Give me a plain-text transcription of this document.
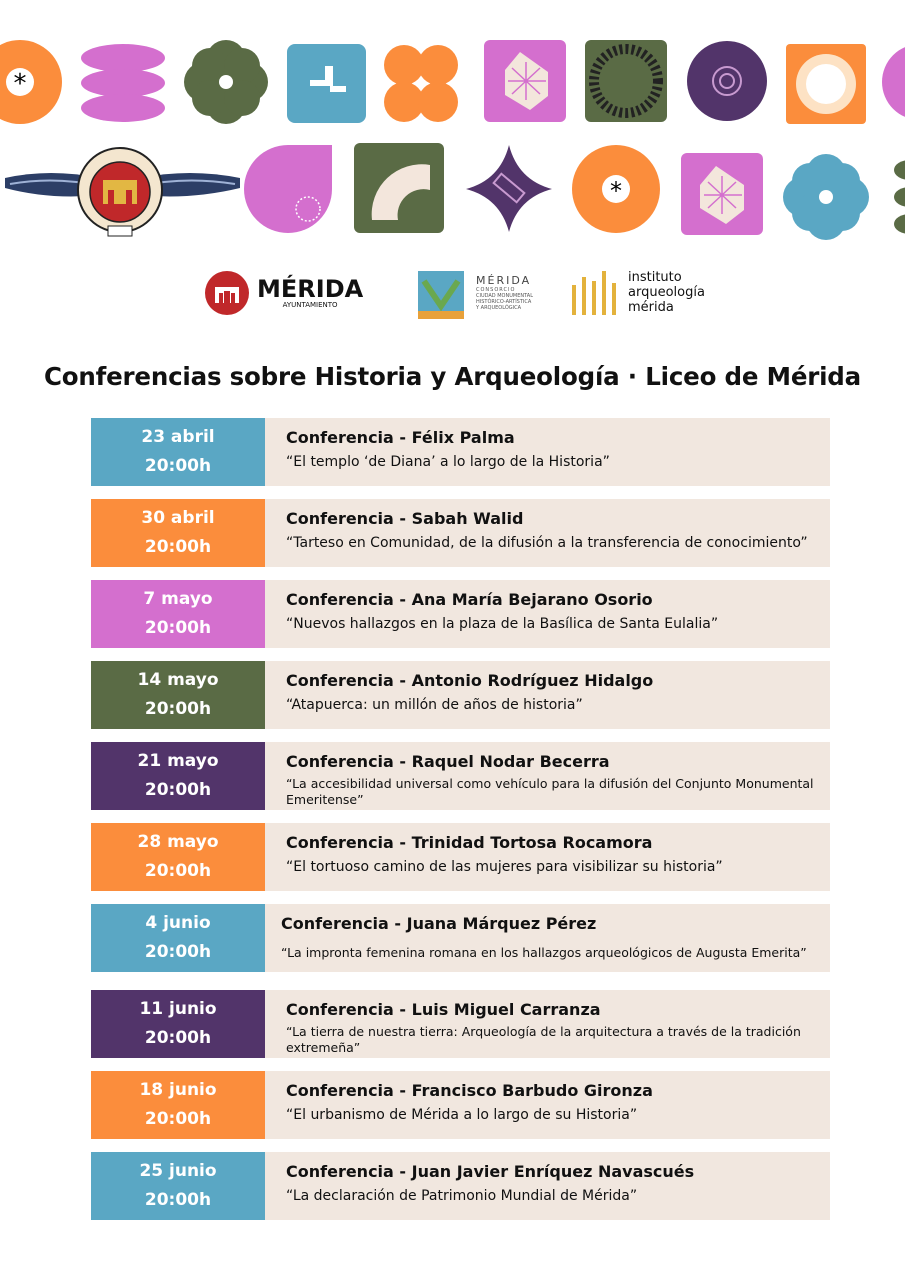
*
*
MÉRIDA
AYUNTAMIENTO
MÉRIDA
CONSORCIO
CIUDAD MONUMENTAL
HISTÓRICO-ARTÍSTICA
Y ARQUEOLÓGICA
instituto
arqueología
mérida
Conferencias sobre Historia y Arqueología · Liceo de Mérida
23 abril
20:00h
Conferencia - Félix Palma
“El templo ‘de Diana’ a lo largo de la Historia”
30 abril
20:00h
Conferencia - Sabah Walid
“Tarteso en Comunidad, de la difusión a la transferencia de conocimiento”
7 mayo
20:00h
Conferencia - Ana María Bejarano Osorio
“Nuevos hallazgos en la plaza de la Basílica de Santa Eulalia”
14 mayo
20:00h
Conferencia - Antonio Rodríguez Hidalgo
“Atapuerca: un millón de años de historia”
21 mayo
20:00h
Conferencia - Raquel Nodar Becerra
“La accesibilidad universal como vehículo para la difusión del Conjunto Monumental Emeritense”
28 mayo
20:00h
Conferencia - Trinidad Tortosa Rocamora
“El tortuoso camino de las mujeres para visibilizar su historia”
4 junio
20:00h
Conferencia - Juana Márquez Pérez
“La impronta femenina romana en los hallazgos arqueológicos de Augusta Emerita”
11 junio
20:00h
Conferencia - Luis Miguel Carranza
“La tierra de nuestra tierra: Arqueología de la arquitectura a través de la tradición extremeña”
18 junio
20:00h
Conferencia - Francisco Barbudo Gironza
“El urbanismo de Mérida a lo largo de su Historia”
25 junio
20:00h
Conferencia - Juan Javier Enríquez Navascués
“La declaración de Patrimonio Mundial de Mérida”
